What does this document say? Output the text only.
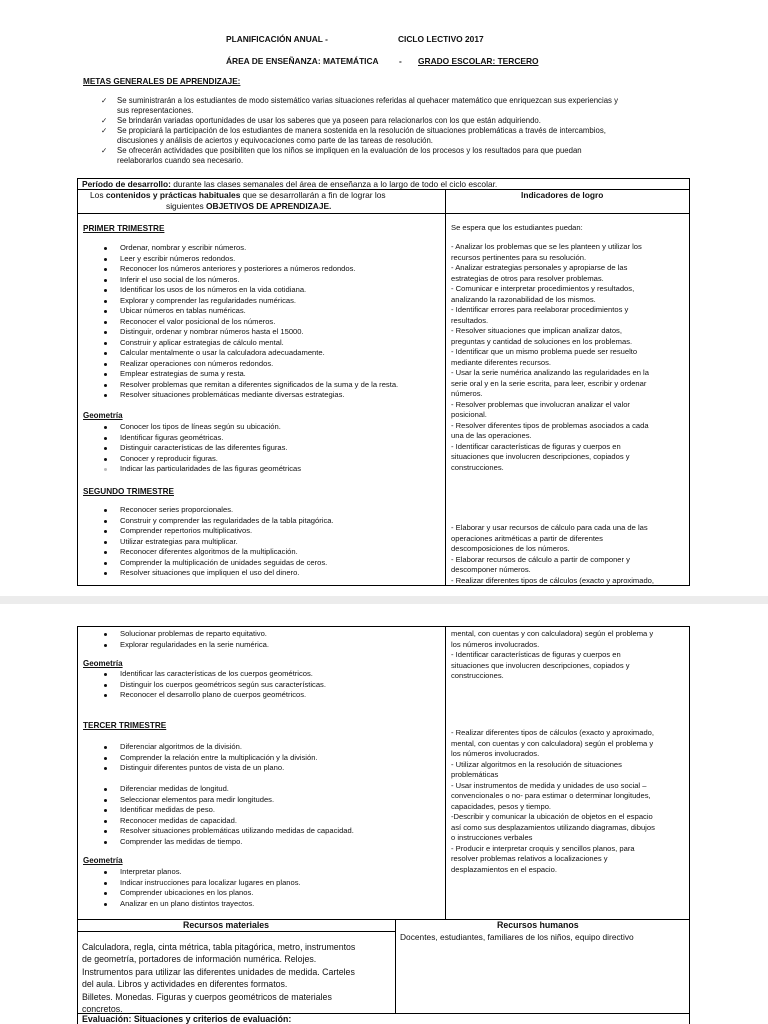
PLANIFICACIÓN ANUAL -	CICLO LECTIVO 2017
ÁREA DE ENSEÑANZA: MATEMÁTICA - GRADO ESCOLAR: TERCERO
METAS GENERALES DE APRENDIZAJE:
✓ Se suministrarán a los estudiantes de modo sistemático varias situaciones referidas al quehacer matemático que enriquezcan sus experiencias y
sus representaciones.
✓ Se brindarán variadas oportunidades de usar los saberes que ya poseen para relacionarlos con los que están adquiriendo.
✓ Se propiciará la participación de los estudiantes de manera sostenida en la resolución de situaciones problemáticas a través de intercambios,
discusiones y análisis de aciertos y equivocaciones como parte de las tareas de resolución.
✓ Se ofrecerán actividades que posibiliten que los niños se impliquen en la evaluación de los procesos y los resultados para que puedan
reelaborarlos cuando sea necesario.
Período de desarrollo: durante las clases semanales del área de enseñanza a lo largo de todo el ciclo escolar.
Los contenidos y prácticas habituales que se desarrollarán a fin de lograr los
siguientes OBJETIVOS DE APRENDIZAJE.
Indicadores de logro
PRIMER TRIMESTRE
Ordenar, nombrar y escribir números.
Leer y escribir números redondos.
Reconocer los números anteriores y posteriores a números redondos.
Inferir el uso social de los números.
Identificar los usos de los números en la vida cotidiana.
Explorar y comprender las regularidades numéricas.
Ubicar números en tablas numéricas.
Reconocer el valor posicional de los números.
Distinguir, ordenar y nombrar números hasta el 15000.
Construir y aplicar estrategias de cálculo mental.
Calcular mentalmente o usar la calculadora adecuadamente.
Realizar operaciones con números redondos.
Emplear estrategias de suma y resta.
Resolver problemas que remitan a diferentes significados de la suma y de la resta.
Resolver situaciones problemáticas mediante diversas estrategias.
Geometría
Conocer los tipos de líneas según su ubicación.
Identificar figuras geométricas.
Distinguir características de las diferentes figuras.
Conocer y reproducir figuras.
Indicar las particularidades de las figuras geométricas
SEGUNDO TRIMESTRE
Reconocer series proporcionales.
Construir y comprender las regularidades de la tabla pitagórica.
Comprender repertorios multiplicativos.
Utilizar estrategias para multiplicar.
Reconocer diferentes algoritmos de la multiplicación.
Comprender la multiplicación de unidades seguidas de ceros.
Resolver situaciones que impliquen el uso del dinero.
Se espera que los estudiantes puedan:
- Analizar los problemas que se les planteen y utilizar los
recursos pertinentes para su resolución.
- Analizar estrategias personales y apropiarse de las
estrategias de otros para resolver problemas.
- Comunicar e interpretar procedimientos y resultados,
analizando la razonabilidad de los mismos.
- Identificar errores para reelaborar procedimientos y
resultados.
- Resolver situaciones que implican analizar datos,
preguntas y cantidad de soluciones en los problemas.
- Identificar que un mismo problema puede ser resuelto
mediante diferentes recursos.
- Usar la serie numérica analizando las regularidades en la
serie oral y en la serie escrita, para leer, escribir y ordenar
números.
- Resolver problemas que involucran analizar el valor
posicional.
- Resolver diferentes tipos de problemas asociados a cada
una de las operaciones.
- Identificar características de figuras y cuerpos en
situaciones que involucren descripciones, copiados y
construcciones.
- Elaborar y usar recursos de cálculo para cada una de las
operaciones aritméticas a partir de diferentes
descomposiciones de los números.
- Elaborar recursos de cálculo a partir de componer y
descomponer números.
- Realizar diferentes tipos de cálculos (exacto y aproximado,
Solucionar problemas de reparto equitativo.
Explorar regularidades en la serie numérica.
Geometría
Identificar las características de los cuerpos geométricos.
Distinguir los cuerpos geométricos según sus características.
Reconocer el desarrollo plano de cuerpos geométricos.
TERCER TRIMESTRE
Diferenciar algoritmos de la división.
Comprender la relación entre la multiplicación y la división.
Distinguir diferentes puntos de vista de un plano.
Diferenciar medidas de longitud.
Seleccionar elementos para medir longitudes.
Identificar medidas de peso.
Reconocer medidas de capacidad.
Resolver situaciones problemáticas utilizando medidas de capacidad.
Comprender las medidas de tiempo.
Geometría
Interpretar planos.
Indicar instrucciones para localizar lugares en planos.
Comprender ubicaciones en los planos.
Analizar en un plano distintos trayectos.
mental, con cuentas y con calculadora) según el problema y
los números involucrados.
- Identificar características de figuras y cuerpos en
situaciones que involucren descripciones, copiados y
construcciones.
- Realizar diferentes tipos de cálculos (exacto y aproximado,
mental, con cuentas y con calculadora) según el problema y
los números involucrados.
- Utilizar algoritmos en la resolución de situaciones
problemáticas
- Usar instrumentos de medida y unidades de uso social –
convencionales o no- para estimar o determinar longitudes,
capacidades, pesos y tiempo.
-Describir y comunicar la ubicación de objetos en el espacio
así como sus desplazamientos utilizando diagramas, dibujos
o instrucciones verbales
- Producir e interpretar croquis y sencillos planos, para
resolver problemas relativos a localizaciones y
desplazamientos en el espacio.
Recursos materiales	Recursos humanos
Calculadora, regla, cinta métrica, tabla pitagórica, metro, instrumentos
de geometría, portadores de información numérica. Relojes.
Instrumentos para utilizar las diferentes unidades de medida. Carteles
del aula. Libros y actividades en diferentes formatos.
Billetes. Monedas. Figuras y cuerpos geométricos de materiales
concretos.
Docentes, estudiantes, familiares de los niños, equipo directivo
Evaluación: Situaciones y criterios de evaluación:
